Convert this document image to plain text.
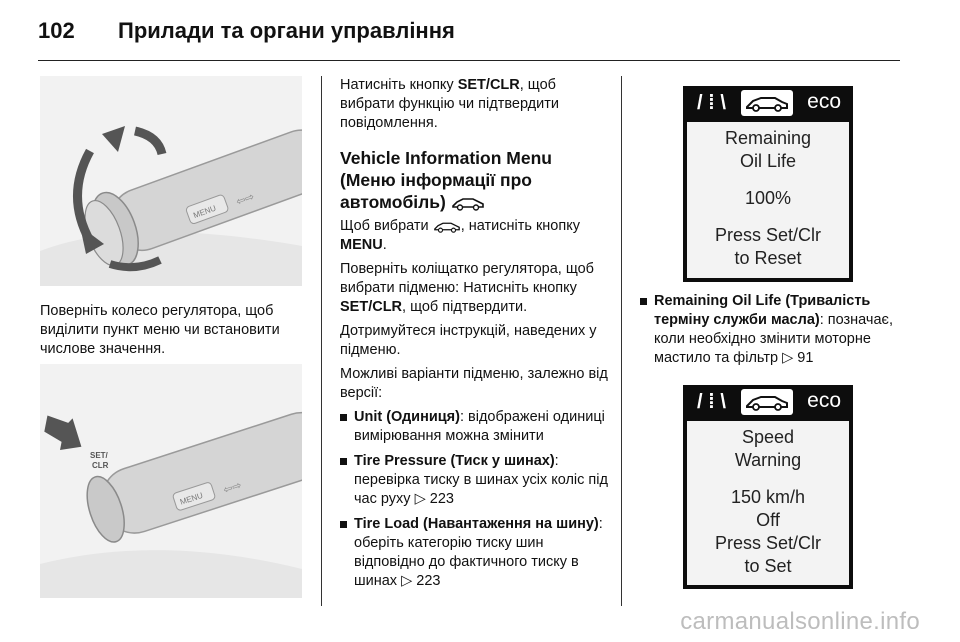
102 Прилади та органи управління
MENU
⇦⇨
Поверніть колесо регулятора, щоб виділити пункт меню чи встановити числове значення.
MENU
⇦⇨
SET/
CLR

Натисніть кнопку SET/CLR, щоб вибрати функцію чи підтвердити повідомлення.

Vehicle Information Menu (Меню інформації про автомобіль)

Щоб вибрати , натисніть кнопку MENU.

Поверніть коліщатко регулятора, щоб вибрати підменю: Натисніть кнопку SET/CLR, щоб підтвердити.

Дотримуйтеся інструкцій, наведених у підменю.

Можливі варіанти підменю, залежно від версії:

Unit (Одиниця): відображені одиниці вимірювання можна змінити
Tire Pressure (Тиск у шинах): перевірка тиску в шинах усіх коліс під час руху ▷ 223
Tire Load (Навантаження на шину): оберіть категорію тиску шин відповідно до фактичного тиску в шинах ▷ 223
/ ⁞ \	eco
Remaining
Oil Life
100%
Press Set/Clr
to Reset
Remaining Oil Life (Тривалість терміну служби масла): позначає, коли необхідно змінити моторне мастило та фільтр ▷ 91
/ ⁞ \	eco
Speed
Warning
150 km/h
Off
Press Set/Clr
to Set
carmanualsonline.info
